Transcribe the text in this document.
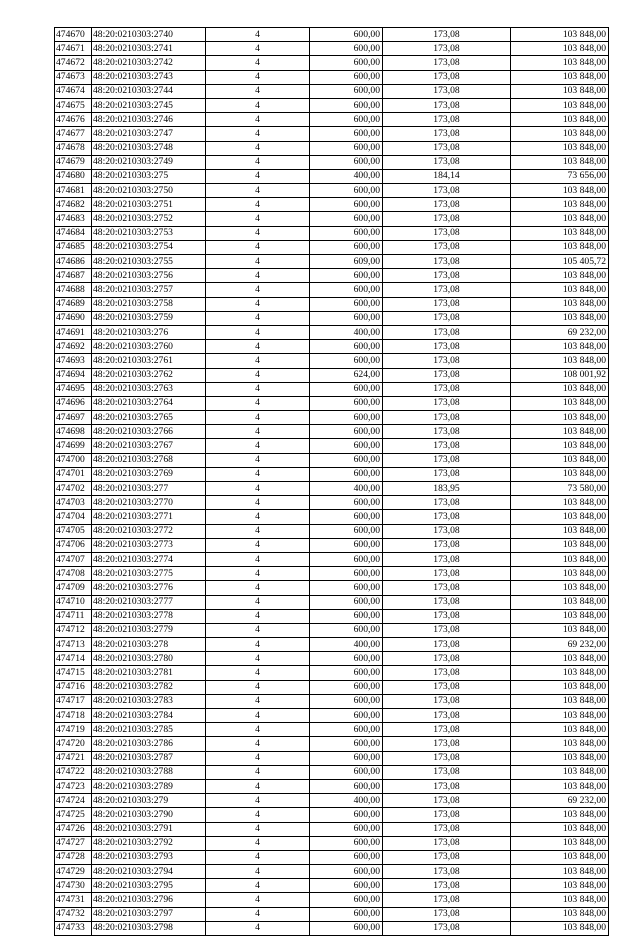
474670	48:20:0210303:2740	4	600,00	173,08	103 848,00
474671	48:20:0210303:2741	4	600,00	173,08	103 848,00
474672	48:20:0210303:2742	4	600,00	173,08	103 848,00
474673	48:20:0210303:2743	4	600,00	173,08	103 848,00
474674	48:20:0210303:2744	4	600,00	173,08	103 848,00
474675	48:20:0210303:2745	4	600,00	173,08	103 848,00
474676	48:20:0210303:2746	4	600,00	173,08	103 848,00
474677	48:20:0210303:2747	4	600,00	173,08	103 848,00
474678	48:20:0210303:2748	4	600,00	173,08	103 848,00
474679	48:20:0210303:2749	4	600,00	173,08	103 848,00
474680	48:20:0210303:275	4	400,00	184,14	73 656,00
474681	48:20:0210303:2750	4	600,00	173,08	103 848,00
474682	48:20:0210303:2751	4	600,00	173,08	103 848,00
474683	48:20:0210303:2752	4	600,00	173,08	103 848,00
474684	48:20:0210303:2753	4	600,00	173,08	103 848,00
474685	48:20:0210303:2754	4	600,00	173,08	103 848,00
474686	48:20:0210303:2755	4	609,00	173,08	105 405,72
474687	48:20:0210303:2756	4	600,00	173,08	103 848,00
474688	48:20:0210303:2757	4	600,00	173,08	103 848,00
474689	48:20:0210303:2758	4	600,00	173,08	103 848,00
474690	48:20:0210303:2759	4	600,00	173,08	103 848,00
474691	48:20:0210303:276	4	400,00	173,08	69 232,00
474692	48:20:0210303:2760	4	600,00	173,08	103 848,00
474693	48:20:0210303:2761	4	600,00	173,08	103 848,00
474694	48:20:0210303:2762	4	624,00	173,08	108 001,92
474695	48:20:0210303:2763	4	600,00	173,08	103 848,00
474696	48:20:0210303:2764	4	600,00	173,08	103 848,00
474697	48:20:0210303:2765	4	600,00	173,08	103 848,00
474698	48:20:0210303:2766	4	600,00	173,08	103 848,00
474699	48:20:0210303:2767	4	600,00	173,08	103 848,00
474700	48:20:0210303:2768	4	600,00	173,08	103 848,00
474701	48:20:0210303:2769	4	600,00	173,08	103 848,00
474702	48:20:0210303:277	4	400,00	183,95	73 580,00
474703	48:20:0210303:2770	4	600,00	173,08	103 848,00
474704	48:20:0210303:2771	4	600,00	173,08	103 848,00
474705	48:20:0210303:2772	4	600,00	173,08	103 848,00
474706	48:20:0210303:2773	4	600,00	173,08	103 848,00
474707	48:20:0210303:2774	4	600,00	173,08	103 848,00
474708	48:20:0210303:2775	4	600,00	173,08	103 848,00
474709	48:20:0210303:2776	4	600,00	173,08	103 848,00
474710	48:20:0210303:2777	4	600,00	173,08	103 848,00
474711	48:20:0210303:2778	4	600,00	173,08	103 848,00
474712	48:20:0210303:2779	4	600,00	173,08	103 848,00
474713	48:20:0210303:278	4	400,00	173,08	69 232,00
474714	48:20:0210303:2780	4	600,00	173,08	103 848,00
474715	48:20:0210303:2781	4	600,00	173,08	103 848,00
474716	48:20:0210303:2782	4	600,00	173,08	103 848,00
474717	48:20:0210303:2783	4	600,00	173,08	103 848,00
474718	48:20:0210303:2784	4	600,00	173,08	103 848,00
474719	48:20:0210303:2785	4	600,00	173,08	103 848,00
474720	48:20:0210303:2786	4	600,00	173,08	103 848,00
474721	48:20:0210303:2787	4	600,00	173,08	103 848,00
474722	48:20:0210303:2788	4	600,00	173,08	103 848,00
474723	48:20:0210303:2789	4	600,00	173,08	103 848,00
474724	48:20:0210303:279	4	400,00	173,08	69 232,00
474725	48:20:0210303:2790	4	600,00	173,08	103 848,00
474726	48:20:0210303:2791	4	600,00	173,08	103 848,00
474727	48:20:0210303:2792	4	600,00	173,08	103 848,00
474728	48:20:0210303:2793	4	600,00	173,08	103 848,00
474729	48:20:0210303:2794	4	600,00	173,08	103 848,00
474730	48:20:0210303:2795	4	600,00	173,08	103 848,00
474731	48:20:0210303:2796	4	600,00	173,08	103 848,00
474732	48:20:0210303:2797	4	600,00	173,08	103 848,00
474733	48:20:0210303:2798	4	600,00	173,08	103 848,00
